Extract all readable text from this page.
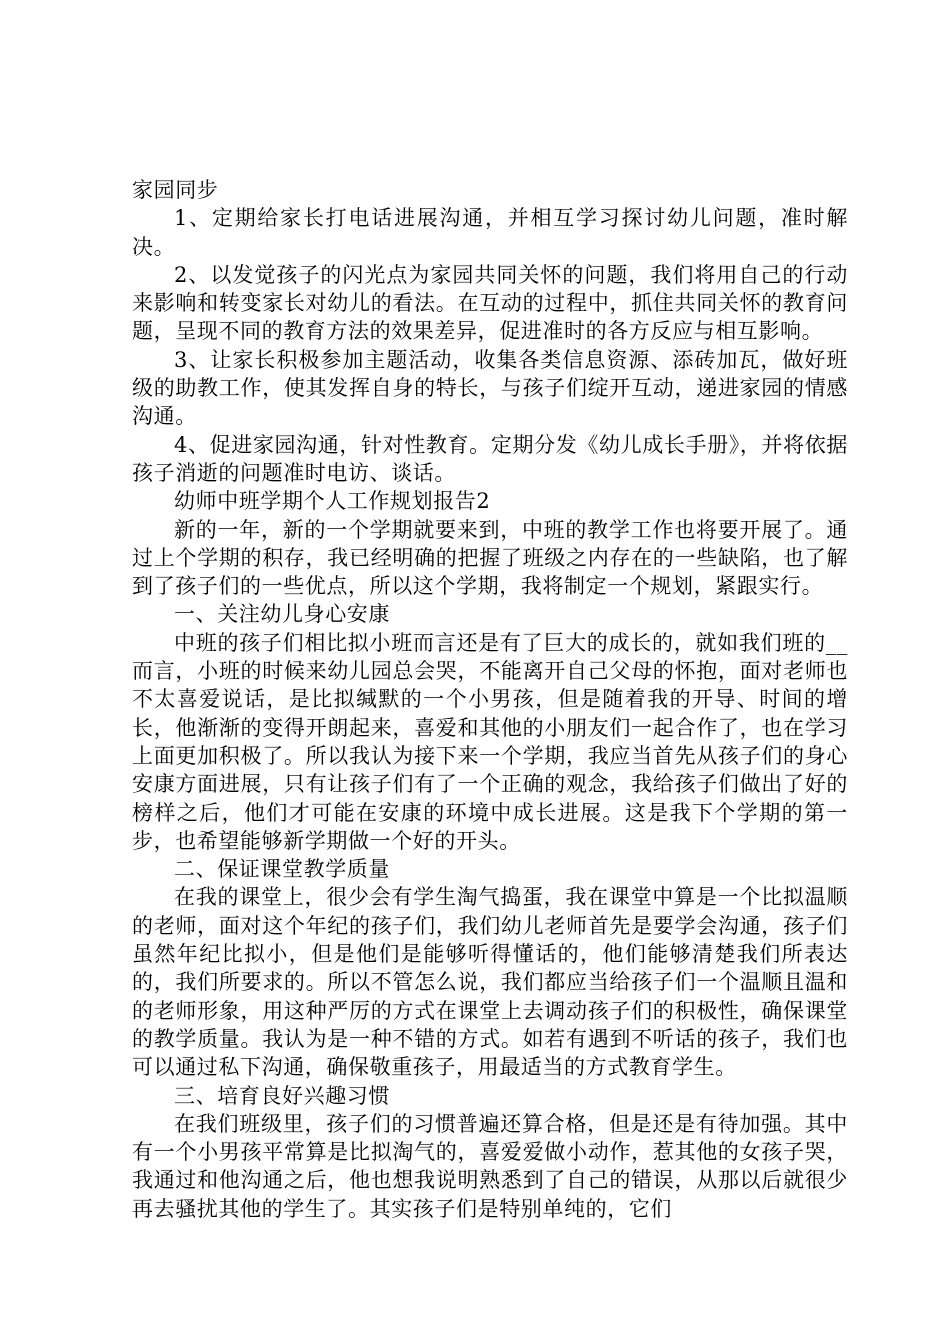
家园同步

1、定期给家长打电话进展沟通，并相互学习探讨幼儿问题，准时解决。

2、以发觉孩子的闪光点为家园共同关怀的问题，我们将用自己的行动来影响和转变家长对幼儿的看法。在互动的过程中，抓住共同关怀的教育问题，呈现不同的教育方法的效果差异，促进准时的各方反应与相互影响。

3、让家长积极参加主题活动，收集各类信息资源、添砖加瓦，做好班级的助教工作，使其发挥自身的特长，与孩子们绽开互动，递进家园的情感沟通。

4、促进家园沟通，针对性教育。定期分发《幼儿成长手册》，并将依据孩子消逝的问题准时电访、谈话。

幼师中班学期个人工作规划报告2

新的一年，新的一个学期就要来到，中班的教学工作也将要开展了。通过上个学期的积存，我已经明确的把握了班级之内存在的一些缺陷，也了解到了孩子们的一些优点，所以这个学期，我将制定一个规划，紧跟实行。

一、关注幼儿身心安康

中班的孩子们相比拟小班而言还是有了巨大的成长的，就如我们班的__而言，小班的时候来幼儿园总会哭，不能离开自己父母的怀抱，面对老师也不太喜爱说话，是比拟缄默的一个小男孩，但是随着我的开导、时间的增长，他渐渐的变得开朗起来，喜爱和其他的小朋友们一起合作了，也在学习上面更加积极了。所以我认为接下来一个学期，我应当首先从孩子们的身心安康方面进展，只有让孩子们有了一个正确的观念，我给孩子们做出了好的榜样之后，他们才可能在安康的环境中成长进展。这是我下个学期的第一步，也希望能够新学期做一个好的开头。

二、保证课堂教学质量

在我的课堂上，很少会有学生淘气捣蛋，我在课堂中算是一个比拟温顺的老师，面对这个年纪的孩子们，我们幼儿老师首先是要学会沟通，孩子们虽然年纪比拟小，但是他们是能够听得懂话的，他们能够清楚我们所表达的，我们所要求的。所以不管怎么说，我们都应当给孩子们一个温顺且温和的老师形象，用这种严厉的方式在课堂上去调动孩子们的积极性，确保课堂的教学质量。我认为是一种不错的方式。如若有遇到不听话的孩子，我们也可以通过私下沟通，确保敬重孩子，用最适当的方式教育学生。

三、培育良好兴趣习惯

在我们班级里，孩子们的习惯普遍还算合格，但是还是有待加强。其中有一个小男孩平常算是比拟淘气的，喜爱爱做小动作，惹其他的女孩子哭，我通过和他沟通之后，他也想我说明熟悉到了自己的错误，从那以后就很少再去骚扰其他的学生了。其实孩子们是特别单纯的，它们
